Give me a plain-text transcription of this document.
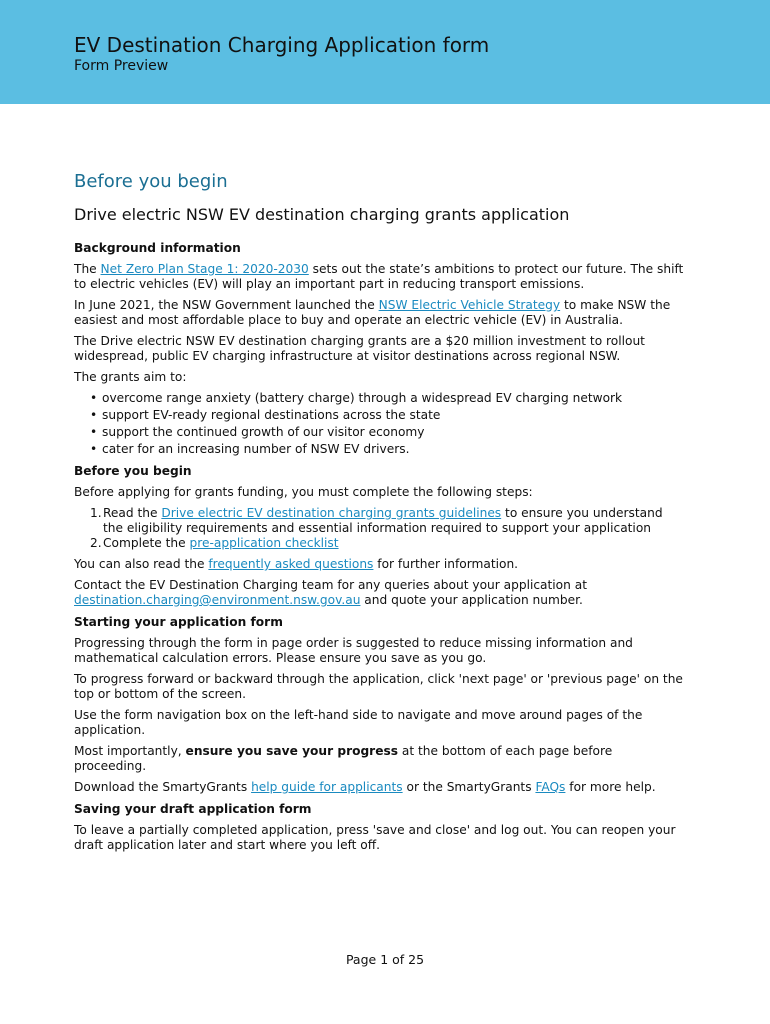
EV Destination Charging Application form
Form Preview
Before you begin
Drive electric NSW EV destination charging grants application
Background information

The Net Zero Plan Stage 1: 2020-2030 sets out the state’s ambitions to protect our future. The shift to electric vehicles (EV) will play an important part in reducing transport emissions.

In June 2021, the NSW Government launched the NSW Electric Vehicle Strategy to make NSW the easiest and most affordable place to buy and operate an electric vehicle (EV) in Australia.

The Drive electric NSW EV destination charging grants are a $20 million investment to rollout widespread, public EV charging infrastructure at visitor destinations across regional NSW.

The grants aim to:

• overcome range anxiety (battery charge) through a widespread EV charging network
• support EV-ready regional destinations across the state
• support the continued growth of our visitor economy
• cater for an increasing number of NSW EV drivers.
Before you begin

Before applying for grants funding, you must complete the following steps:

1. Read the Drive electric EV destination charging grants guidelines to ensure you understand the eligibility requirements and essential information required to support your application
2. Complete the pre-application checklist

You can also read the frequently asked questions for further information.

Contact the EV Destination Charging team for any queries about your application at destination.charging@environment.nsw.gov.au and quote your application number.

Starting your application form

Progressing through the form in page order is suggested to reduce missing information and mathematical calculation errors. Please ensure you save as you go.

To progress forward or backward through the application, click 'next page' or 'previous page' on the top or bottom of the screen.

Use the form navigation box on the left-hand side to navigate and move around pages of the application.

Most importantly, ensure you save your progress at the bottom of each page before proceeding.

Download the SmartyGrants help guide for applicants or the SmartyGrants FAQs for more help.

Saving your draft application form

To leave a partially completed application, press 'save and close' and log out. You can reopen your draft application later and start where you left off.

Page 1 of 25
